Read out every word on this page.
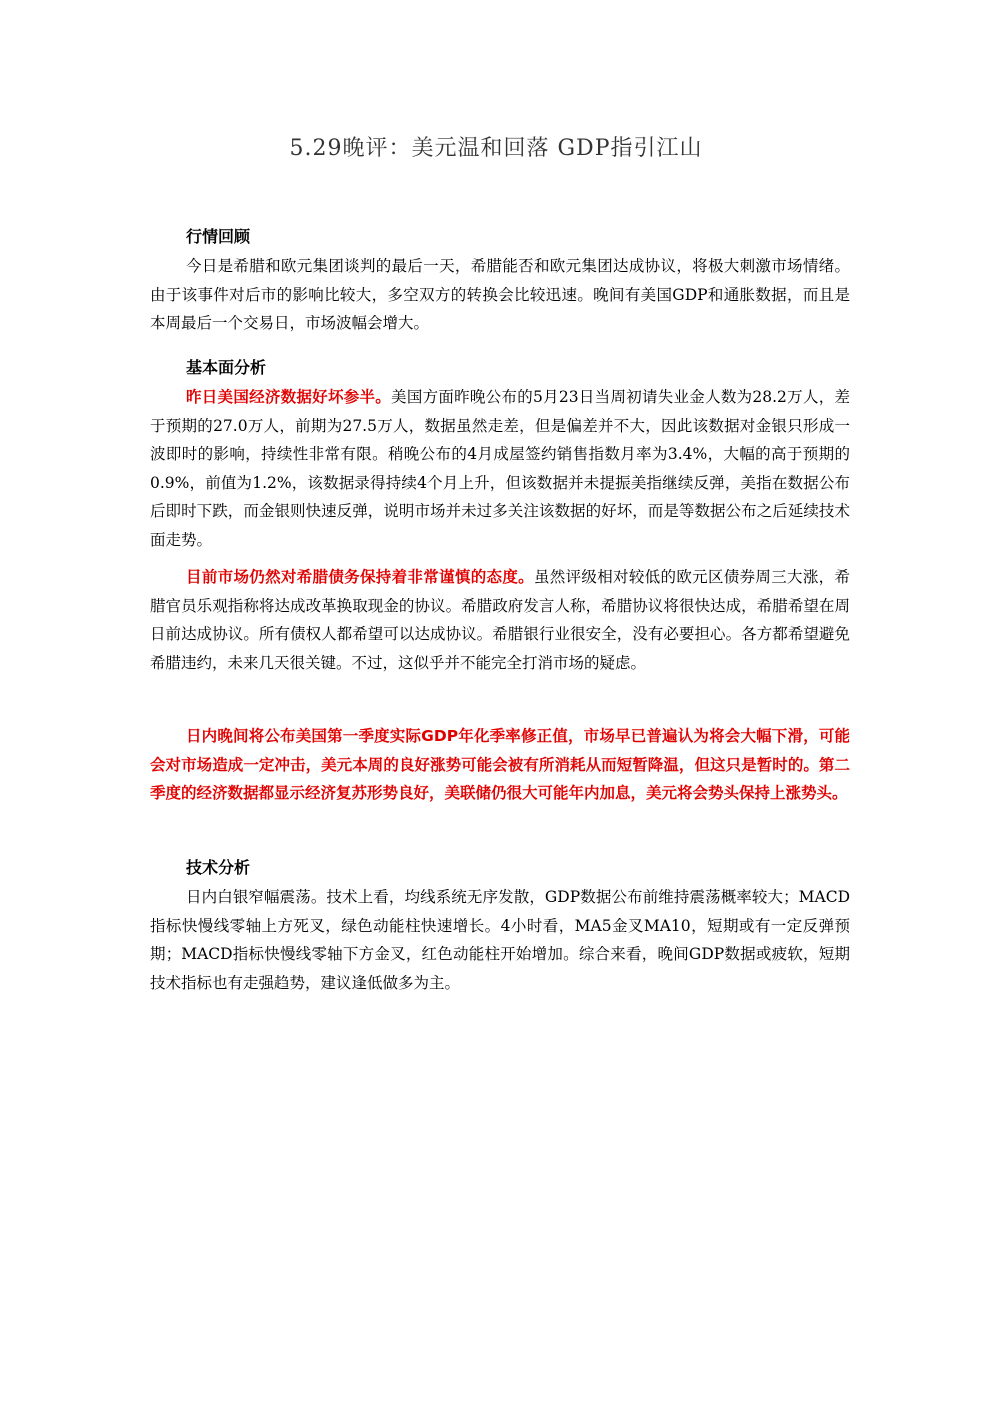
5.29晚评：美元温和回落 GDP指引江山
行情回顾

今日是希腊和欧元集团谈判的最后一天，希腊能否和欧元集团达成协议，将极大刺激市场情绪。由于该事件对后市的影响比较大，多空双方的转换会比较迅速。晚间有美国GDP和通胀数据，而且是本周最后一个交易日，市场波幅会增大。

基本面分析

昨日美国经济数据好坏参半。美国方面昨晚公布的5月23日当周初请失业金人数为28.2万人，差于预期的27.0万人，前期为27.5万人，数据虽然走差，但是偏差并不大，因此该数据对金银只形成一波即时的影响，持续性非常有限。稍晚公布的4月成屋签约销售指数月率为3.4%，大幅的高于预期的0.9%，前值为1.2%，该数据录得持续4个月上升，但该数据并未提振美指继续反弹，美指在数据公布后即时下跌，而金银则快速反弹，说明市场并未过多关注该数据的好坏，而是等数据公布之后延续技术面走势。

目前市场仍然对希腊债务保持着非常谨慎的态度。虽然评级相对较低的欧元区债券周三大涨，希腊官员乐观指称将达成改革换取现金的协议。希腊政府发言人称，希腊协议将很快达成，希腊希望在周日前达成协议。所有债权人都希望可以达成协议。希腊银行业很安全，没有必要担心。各方都希望避免希腊违约，未来几天很关键。不过，这似乎并不能完全打消市场的疑虑。

日内晚间将公布美国第一季度实际GDP年化季率修正值，市场早已普遍认为将会大幅下滑，可能会对市场造成一定冲击，美元本周的良好涨势可能会被有所消耗从而短暂降温，但这只是暂时的。第二季度的经济数据都显示经济复苏形势良好，美联储仍很大可能年内加息，美元将会势头保持上涨势头。

技术分析

日内白银窄幅震荡。技术上看，均线系统无序发散，GDP数据公布前维持震荡概率较大；MACD指标快慢线零轴上方死叉，绿色动能柱快速增长。4小时看，MA5金叉MA10，短期或有一定反弹预期；MACD指标快慢线零轴下方金叉，红色动能柱开始增加。综合来看，晚间GDP数据或疲软，短期技术指标也有走强趋势，建议逢低做多为主。
